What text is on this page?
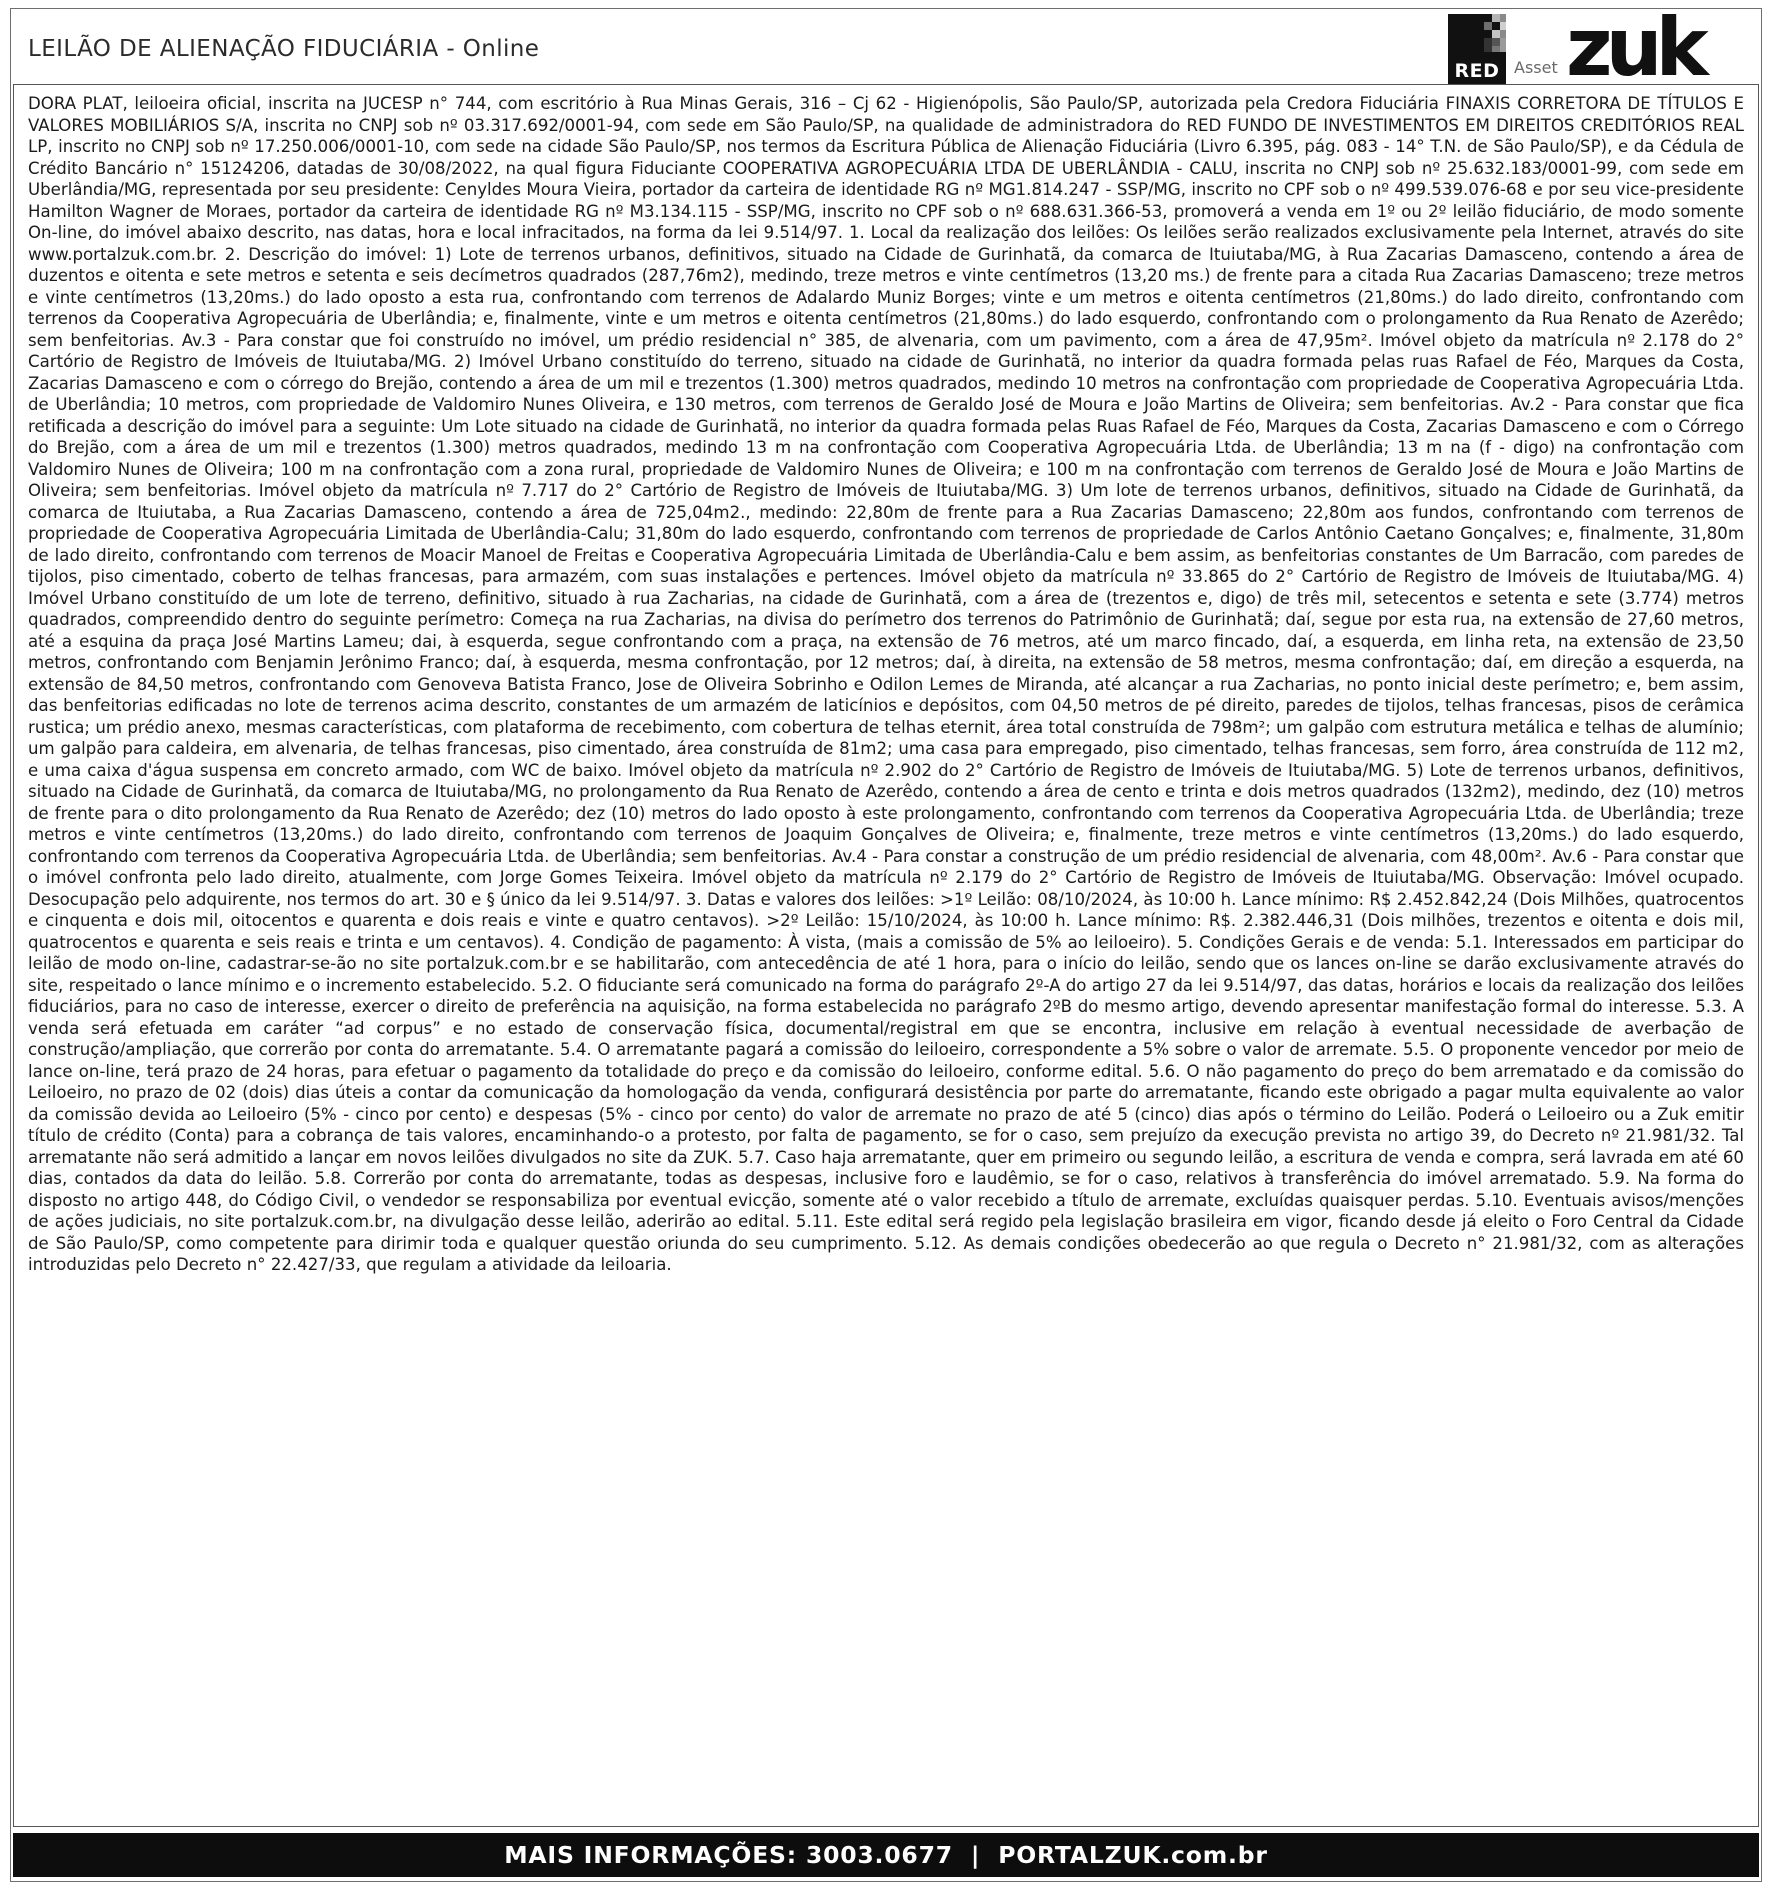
LEILÃO DE ALIENAÇÃO FIDUCIÁRIA - Online
RED Asset zuk

DORA PLAT, leiloeira oficial, inscrita na JUCESP n° 744, com escritório à Rua Minas Gerais, 316 – Cj 62 - Higienópolis, São Paulo/SP, autorizada pela Credora Fiduciária FINAXIS CORRETORA DE TÍTULOS E VALORES MOBILIÁRIOS S/A, inscrita no CNPJ sob nº 03.317.692/0001-94, com sede em São Paulo/SP, na qualidade de administradora do RED FUNDO DE INVESTIMENTOS EM DIREITOS CREDITÓRIOS REAL LP, inscrito no CNPJ sob nº 17.250.006/0001-10, com sede na cidade São Paulo/SP, nos termos da Escritura Pública de Alienação Fiduciária (Livro 6.395, pág. 083 - 14° T.N. de São Paulo/SP), e da Cédula de Crédito Bancário n° 15124206, datadas de 30/08/2022, na qual figura Fiduciante COOPERATIVA AGROPECUÁRIA LTDA DE UBERLÂNDIA - CALU, inscrita no CNPJ sob nº 25.632.183/0001-99, com sede em Uberlândia/MG, representada por seu presidente: Cenyldes Moura Vieira, portador da carteira de identidade RG nº MG1.814.247 - SSP/MG, inscrito no CPF sob o nº 499.539.076-68 e por seu vice-presidente Hamilton Wagner de Moraes, portador da carteira de identidade RG nº M3.134.115 - SSP/MG, inscrito no CPF sob o nº 688.631.366-53, promoverá a venda em 1º ou 2º leilão fiduciário, de modo somente On-line, do imóvel abaixo descrito, nas datas, hora e local infracitados, na forma da lei 9.514/97. 1. Local da realização dos leilões: Os leilões serão realizados exclusivamente pela Internet, através do site www.portalzuk.com.br. 2. Descrição do imóvel: 1) Lote de terrenos urbanos, definitivos, situado na Cidade de Gurinhatã, da comarca de Ituiutaba/MG, à Rua Zacarias Damasceno, contendo a área de duzentos e oitenta e sete metros e setenta e seis decímetros quadrados (287,76m2), medindo, treze metros e vinte centímetros (13,20 ms.) de frente para a citada Rua Zacarias Damasceno; treze metros e vinte centímetros (13,20ms.) do lado oposto a esta rua, confrontando com terrenos de Adalardo Muniz Borges; vinte e um metros e oitenta centímetros (21,80ms.) do lado direito, confrontando com terrenos da Cooperativa Agropecuária de Uberlândia; e, finalmente, vinte e um metros e oitenta centímetros (21,80ms.) do lado esquerdo, confrontando com o prolongamento da Rua Renato de Azerêdo; sem benfeitorias. Av.3 - Para constar que foi construído no imóvel, um prédio residencial n° 385, de alvenaria, com um pavimento, com a área de 47,95m². Imóvel objeto da matrícula nº 2.178 do 2° Cartório de Registro de Imóveis de Ituiutaba/MG. 2) Imóvel Urbano constituído do terreno, situado na cidade de Gurinhatã, no interior da quadra formada pelas ruas Rafael de Féo, Marques da Costa, Zacarias Damasceno e com o córrego do Brejão, contendo a área de um mil e trezentos (1.300) metros quadrados, medindo 10 metros na confrontação com propriedade de Cooperativa Agropecuária Ltda. de Uberlândia; 10 metros, com propriedade de Valdomiro Nunes Oliveira, e 130 metros, com terrenos de Geraldo José de Moura e João Martins de Oliveira; sem benfeitorias. Av.2 - Para constar que fica retificada a descrição do imóvel para a seguinte: Um Lote situado na cidade de Gurinhatã, no interior da quadra formada pelas Ruas Rafael de Féo, Marques da Costa, Zacarias Damasceno e com o Córrego do Brejão, com a área de um mil e trezentos (1.300) metros quadrados, medindo 13 m na confrontação com Cooperativa Agropecuária Ltda. de Uberlândia; 13 m na (f - digo) na confrontação com Valdomiro Nunes de Oliveira; 100 m na confrontação com a zona rural, propriedade de Valdomiro Nunes de Oliveira; e 100 m na confrontação com terrenos de Geraldo José de Moura e João Martins de Oliveira; sem benfeitorias. Imóvel objeto da matrícula nº 7.717 do 2° Cartório de Registro de Imóveis de Ituiutaba/MG. 3) Um lote de terrenos urbanos, definitivos, situado na Cidade de Gurinhatã, da comarca de Ituiutaba, a Rua Zacarias Damasceno, contendo a área de 725,04m2., medindo: 22,80m de frente para a Rua Zacarias Damasceno; 22,80m aos fundos, confrontando com terrenos de propriedade de Cooperativa Agropecuária Limitada de Uberlândia-Calu; 31,80m do lado esquerdo, confrontando com terrenos de propriedade de Carlos Antônio Caetano Gonçalves; e, finalmente, 31,80m de lado direito, confrontando com terrenos de Moacir Manoel de Freitas e Cooperativa Agropecuária Limitada de Uberlândia-Calu e bem assim, as benfeitorias constantes de Um Barracão, com paredes de tijolos, piso cimentado, coberto de telhas francesas, para armazém, com suas instalações e pertences. Imóvel objeto da matrícula nº 33.865 do 2° Cartório de Registro de Imóveis de Ituiutaba/MG. 4) Imóvel Urbano constituído de um lote de terreno, definitivo, situado à rua Zacharias, na cidade de Gurinhatã, com a área de (trezentos e, digo) de três mil, setecentos e setenta e sete (3.774) metros quadrados, compreendido dentro do seguinte perímetro: Começa na rua Zacharias, na divisa do perímetro dos terrenos do Patrimônio de Gurinhatã; daí, segue por esta rua, na extensão de 27,60 metros, até a esquina da praça José Martins Lameu; dai, à esquerda, segue confrontando com a praça, na extensão de 76 metros, até um marco fincado, daí, a esquerda, em linha reta, na extensão de 23,50 metros, confrontando com Benjamin Jerônimo Franco; daí, à esquerda, mesma confrontação, por 12 metros; daí, à direita, na extensão de 58 metros, mesma confrontação; daí, em direção a esquerda, na extensão de 84,50 metros, confrontando com Genoveva Batista Franco, Jose de Oliveira Sobrinho e Odilon Lemes de Miranda, até alcançar a rua Zacharias, no ponto inicial deste perímetro; e, bem assim, das benfeitorias edificadas no lote de terrenos acima descrito, constantes de um armazém de laticínios e depósitos, com 04,50 metros de pé direito, paredes de tijolos, telhas francesas, pisos de cerâmica rustica; um prédio anexo, mesmas características, com plataforma de recebimento, com cobertura de telhas eternit, área total construída de 798m²; um galpão com estrutura metálica e telhas de alumínio; um galpão para caldeira, em alvenaria, de telhas francesas, piso cimentado, área construída de 81m2; uma casa para empregado, piso cimentado, telhas francesas, sem forro, área construída de 112 m2, e uma caixa d'água suspensa em concreto armado, com WC de baixo. Imóvel objeto da matrícula nº 2.902 do 2° Cartório de Registro de Imóveis de Ituiutaba/MG. 5) Lote de terrenos urbanos, definitivos, situado na Cidade de Gurinhatã, da comarca de Ituiutaba/MG, no prolongamento da Rua Renato de Azerêdo, contendo a área de cento e trinta e dois metros quadrados (132m2), medindo, dez (10) metros de frente para o dito prolongamento da Rua Renato de Azerêdo; dez (10) metros do lado oposto à este prolongamento, confrontando com terrenos da Cooperativa Agropecuária Ltda. de Uberlândia; treze metros e vinte centímetros (13,20ms.) do lado direito, confrontando com terrenos de Joaquim Gonçalves de Oliveira; e, finalmente, treze metros e vinte centímetros (13,20ms.) do lado esquerdo, confrontando com terrenos da Cooperativa Agropecuária Ltda. de Uberlândia; sem benfeitorias. Av.4 - Para constar a construção de um prédio residencial de alvenaria, com 48,00m². Av.6 - Para constar que o imóvel confronta pelo lado direito, atualmente, com Jorge Gomes Teixeira. Imóvel objeto da matrícula nº 2.179 do 2° Cartório de Registro de Imóveis de Ituiutaba/MG. Observação: Imóvel ocupado. Desocupação pelo adquirente, nos termos do art. 30 e § único da lei 9.514/97. 3. Datas e valores dos leilões: >1º Leilão: 08/10/2024, às 10:00 h. Lance mínimo: R$ 2.452.842,24 (Dois Milhões, quatrocentos e cinquenta e dois mil, oitocentos e quarenta e dois reais e vinte e quatro centavos). >2º Leilão: 15/10/2024, às 10:00 h. Lance mínimo: R$. 2.382.446,31 (Dois milhões, trezentos e oitenta e dois mil, quatrocentos e quarenta e seis reais e trinta e um centavos). 4. Condição de pagamento: À vista, (mais a comissão de 5% ao leiloeiro). 5. Condições Gerais e de venda: 5.1. Interessados em participar do leilão de modo on-line, cadastrar-se-ão no site portalzuk.com.br e se habilitarão, com antecedência de até 1 hora, para o início do leilão, sendo que os lances on-line se darão exclusivamente através do site, respeitado o lance mínimo e o incremento estabelecido. 5.2. O fiduciante será comunicado na forma do parágrafo 2º-A do artigo 27 da lei 9.514/97, das datas, horários e locais da realização dos leilões fiduciários, para no caso de interesse, exercer o direito de preferência na aquisição, na forma estabelecida no parágrafo 2ºB do mesmo artigo, devendo apresentar manifestação formal do interesse. 5.3. A venda será efetuada em caráter “ad corpus” e no estado de conservação física, documental/registral em que se encontra, inclusive em relação à eventual necessidade de averbação de construção/ampliação, que correrão por conta do arrematante. 5.4. O arrematante pagará a comissão do leiloeiro, correspondente a 5% sobre o valor de arremate. 5.5. O proponente vencedor por meio de lance on-line, terá prazo de 24 horas, para efetuar o pagamento da totalidade do preço e da comissão do leiloeiro, conforme edital. 5.6. O não pagamento do preço do bem arrematado e da comissão do Leiloeiro, no prazo de 02 (dois) dias úteis a contar da comunicação da homologação da venda, configurará desistência por parte do arrematante, ficando este obrigado a pagar multa equivalente ao valor da comissão devida ao Leiloeiro (5% - cinco por cento) e despesas (5% - cinco por cento) do valor de arremate no prazo de até 5 (cinco) dias após o término do Leilão. Poderá o Leiloeiro ou a Zuk emitir título de crédito (Conta) para a cobrança de tais valores, encaminhando-o a protesto, por falta de pagamento, se for o caso, sem prejuízo da execução prevista no artigo 39, do Decreto nº 21.981/32. Tal arrematante não será admitido a lançar em novos leilões divulgados no site da ZUK. 5.7. Caso haja arrematante, quer em primeiro ou segundo leilão, a escritura de venda e compra, será lavrada em até 60 dias, contados da data do leilão. 5.8. Correrão por conta do arrematante, todas as despesas, inclusive foro e laudêmio, se for o caso, relativos à transferência do imóvel arrematado. 5.9. Na forma do disposto no artigo 448, do Código Civil, o vendedor se responsabiliza por eventual evicção, somente até o valor recebido a título de arremate, excluídas quaisquer perdas. 5.10. Eventuais avisos/menções de ações judiciais, no site portalzuk.com.br, na divulgação desse leilão, aderirão ao edital. 5.11. Este edital será regido pela legislação brasileira em vigor, ficando desde já eleito o Foro Central da Cidade de São Paulo/SP, como competente para dirimir toda e qualquer questão oriunda do seu cumprimento. 5.12. As demais condições obedecerão ao que regula o Decreto n° 21.981/32, com as alterações introduzidas pelo Decreto n° 22.427/33, que regulam a atividade da leiloaria.

MAIS INFORMAÇÕES: 3003.0677  |  PORTALZUK.com.br
